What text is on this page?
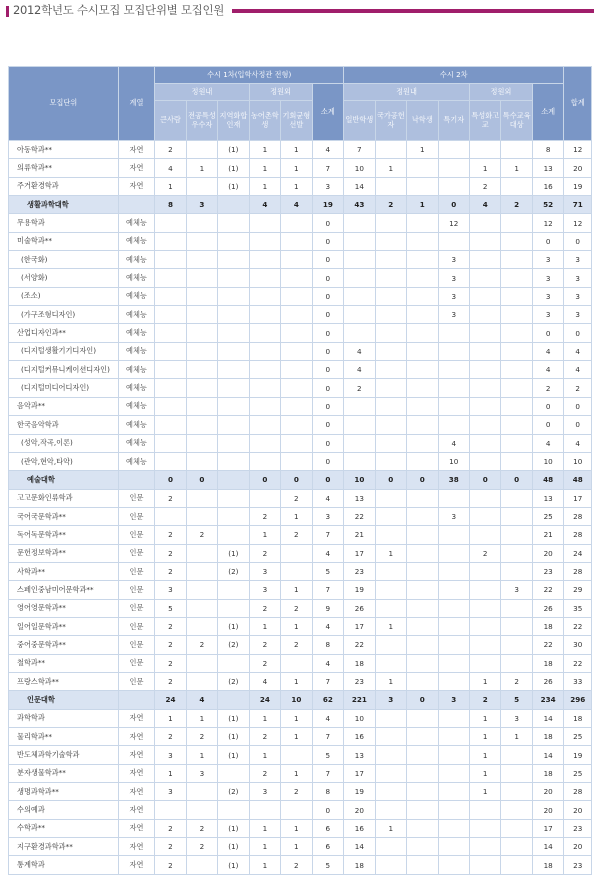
2012학년도 수시모집 모집단위별 모집인원
모집단위	계열	수시 1차(입학사정관 전형)						수시 2차							합계
		정원내			정원외		소계	정원내				정원외		소계	
		큰사람	전공특성우수자	지역화합인재	농어촌학생	기회균형선발		일반학생	국가공헌자	낙학생	특기자	특성화고교	특수교육대상		
아동학과**	자연	2		(1)	1	1	4	7		1				8	12
의류학과**	자연	4	1	(1)	1	1	7	10	1			1	1	13	20
주거환경학과	자연	1		(1)	1	1	3	14				2		16	19
생활과학대학		8	3		4	4	19	43	2	1	0	4	2	52	71
무용학과	예체능						0				12			12	12
미술학과**	예체능						0							0	0
(한국화)	예체능						0				3			3	3
(서양화)	예체능						0				3			3	3
(조소)	예체능						0				3			3	3
(가구조형디자인)	예체능						0				3			3	3
산업디자인과**	예체능						0							0	0
(디지털생활기기디자인)	예체능						0	4						4	4
(디지털커뮤니케이션디자인)	예체능						0	4						4	4
(디지털미디어디자인)	예체능						0	2						2	2
음악과**	예체능						0							0	0
한국음악학과	예체능						0							0	0
(성악,작곡,이론)	예체능						0				4			4	4
(관악,현악,타악)	예체능						0				10			10	10
예술대학		0	0		0	0	0	10	0	0	38	0	0	48	48
고고문화인류학과	인문	2				2	4	13						13	17
국어국문학과**	인문				2	1	3	22			3			25	28
독어독문학과**	인문	2	2		1	2	7	21						21	28
문헌정보학과**	인문	2		(1)	2		4	17	1			2		20	24
사학과**	인문	2		(2)	3		5	23						23	28
스페인중남미어문학과**	인문	3			3	1	7	19					3	22	29
영어영문학과**	인문	5			2	2	9	26						26	35
일어일문학과**	인문	2		(1)	1	1	4	17	1					18	22
중어중문학과**	인문	2	2	(2)	2	2	8	22						22	30
철학과**	인문	2			2		4	18						18	22
프랑스학과**	인문	2		(2)	4	1	7	23	1			1	2	26	33
인문대학		24	4		24	10	62	221	3	0	3	2	5	234	296
과학학과	자연	1	1	(1)	1	1	4	10				1	3	14	18
물리학과**	자연	2	2	(1)	2	1	7	16				1	1	18	25
반도체과학기술학과	자연	3	1	(1)	1		5	13				1		14	19
분자생물학과**	자연	1	3		2	1	7	17				1		18	25
생명과학과**	자연	3		(2)	3	2	8	19				1		20	28
수의예과	자연						0	20						20	20
수학과**	자연	2	2	(1)	1	1	6	16	1					17	23
지구환경과학과**	자연	2	2	(1)	1	1	6	14						14	20
통계학과	자연	2		(1)	1	2	5	18						18	23
